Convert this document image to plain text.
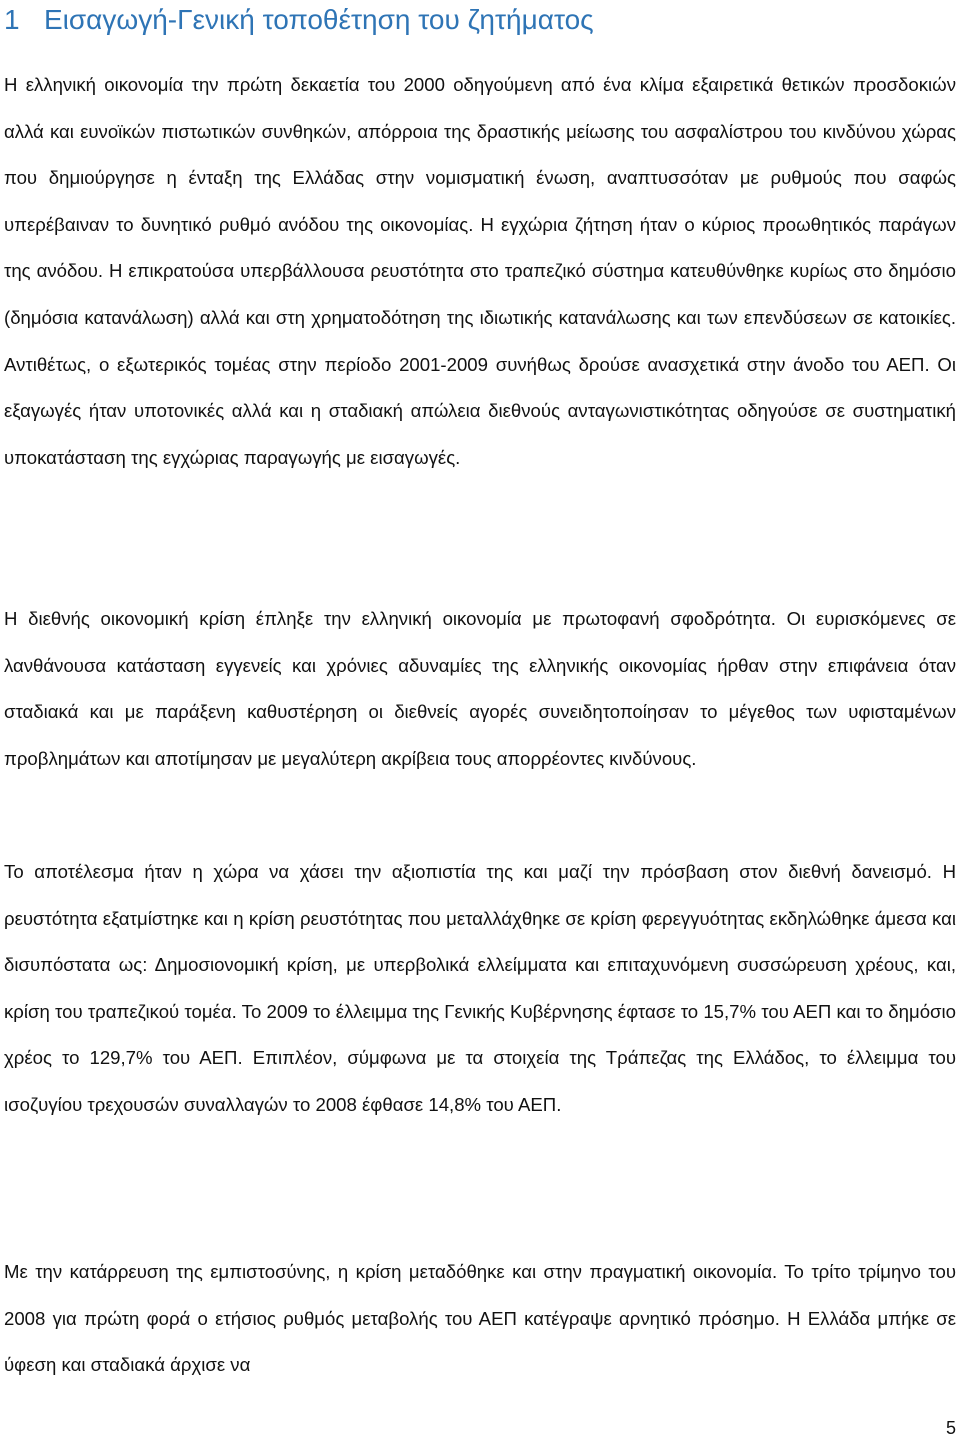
1 Εισαγωγή-Γενική τοποθέτηση του ζητήματος

Η ελληνική οικονομία την πρώτη δεκαετία του 2000 οδηγούμενη από ένα κλίμα εξαιρετικά θετικών προσδοκιών αλλά και ευνοϊκών πιστωτικών συνθηκών, απόρροια της δραστικής μείωσης του ασφαλίστρου του κινδύνου χώρας που δημιούργησε η ένταξη της Ελλάδας στην νομισματική ένωση, αναπτυσσόταν με ρυθμούς που σαφώς υπερέβαιναν το δυνητικό ρυθμό ανόδου της οικονομίας. Η εγχώρια ζήτηση ήταν ο κύριος προωθητικός παράγων της ανόδου. Η επικρατούσα υπερβάλλουσα ρευστότητα στο τραπεζικό σύστημα κατευθύνθηκε κυρίως στο δημόσιο (δημόσια κατανάλωση) αλλά και στη χρηματοδότηση της ιδιωτικής κατανάλωσης και των επενδύσεων σε κατοικίες. Αντιθέτως, ο εξωτερικός τομέας στην περίοδο 2001-2009 συνήθως δρούσε ανασχετικά στην άνοδο του ΑΕΠ. Οι εξαγωγές ήταν υποτονικές αλλά και η σταδιακή απώλεια διεθνούς ανταγωνιστικότητας οδηγούσε σε συστηματική υποκατάσταση της εγχώριας παραγωγής με εισαγωγές.

Η διεθνής οικονομική κρίση έπληξε την ελληνική οικονομία με πρωτοφανή σφοδρότητα. Οι ευρισκόμενες σε λανθάνουσα κατάσταση εγγενείς και χρόνιες αδυναμίες της ελληνικής οικονομίας ήρθαν στην επιφάνεια όταν σταδιακά και με παράξενη καθυστέρηση οι διεθνείς αγορές συνειδητοποίησαν το μέγεθος των υφισταμένων προβλημάτων και αποτίμησαν με μεγαλύτερη ακρίβεια τους απορρέοντες κινδύνους.

Το αποτέλεσμα ήταν η χώρα να χάσει την αξιοπιστία της και μαζί την πρόσβαση στον διεθνή δανεισμό. Η ρευστότητα εξατμίστηκε και η κρίση ρευστότητας που μεταλλάχθηκε σε κρίση φερεγγυότητας εκδηλώθηκε άμεσα και δισυπόστατα ως: Δημοσιονομική κρίση, με υπερβολικά ελλείμματα και επιταχυνόμενη συσσώρευση χρέους, και, κρίση του τραπεζικού τομέα. Το 2009 το έλλειμμα της Γενικής Κυβέρνησης έφτασε το 15,7% του ΑΕΠ και το δημόσιο χρέος το 129,7% του ΑΕΠ. Επιπλέον, σύμφωνα με τα στοιχεία της Τράπεζας της Ελλάδος, το έλλειμμα του ισοζυγίου τρεχουσών συναλλαγών το 2008 έφθασε 14,8% του ΑΕΠ.

Με την κατάρρευση της εμπιστοσύνης, η κρίση μεταδόθηκε και στην πραγματική οικονομία. Το τρίτο τρίμηνο του 2008 για πρώτη φορά ο ετήσιος ρυθμός μεταβολής του ΑΕΠ κατέγραψε αρνητικό πρόσημο. Η Ελλάδα μπήκε σε ύφεση και σταδιακά άρχισε να

5
